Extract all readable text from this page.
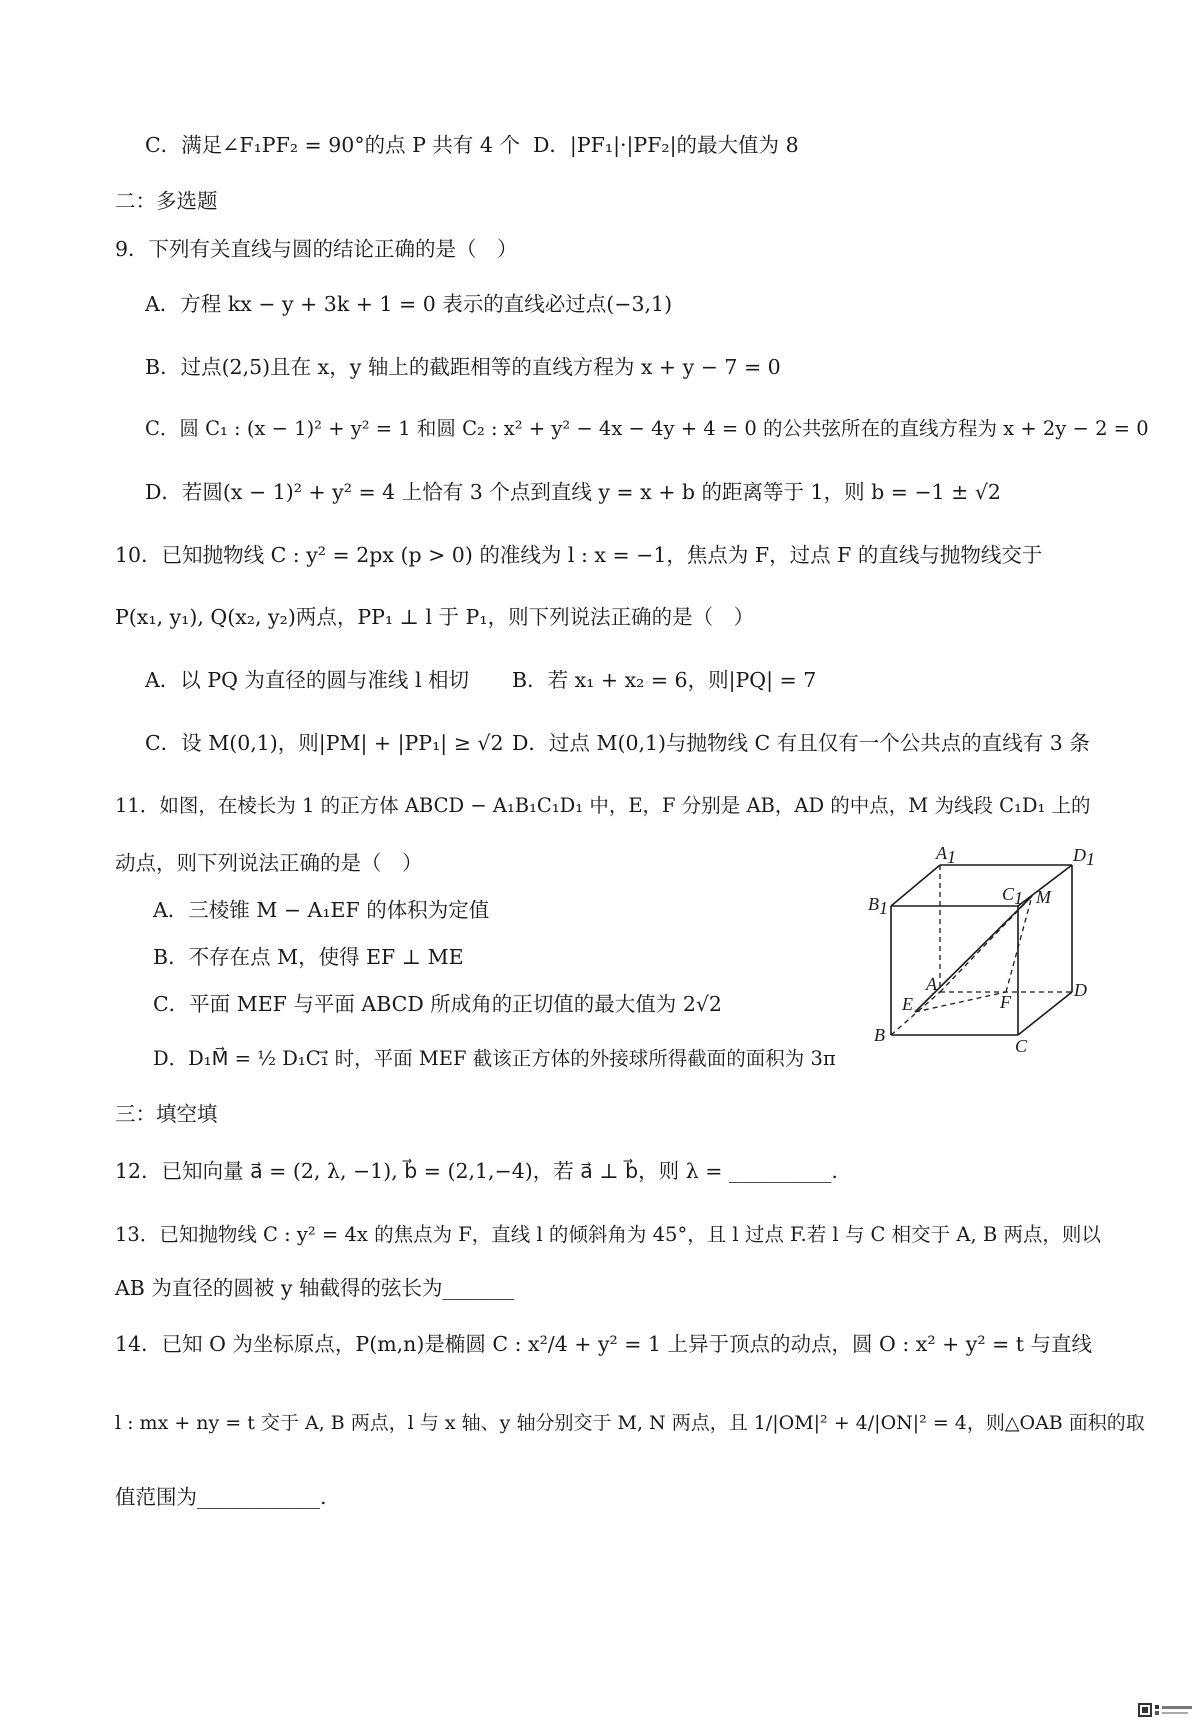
C．满足∠F₁PF₂ = 90°的点 P 共有 4 个 D．|PF₁|·|PF₂|的最大值为 8
二：多选题
9．下列有关直线与圆的结论正确的是（　）
A．方程 kx − y + 3k + 1 = 0 表示的直线必过点(−3,1)
B．过点(2,5)且在 x，y 轴上的截距相等的直线方程为 x + y − 7 = 0
C．圆 C₁ : (x − 1)² + y² = 1 和圆 C₂ : x² + y² − 4x − 4y + 4 = 0 的公共弦所在的直线方程为 x + 2y − 2 = 0
D．若圆(x − 1)² + y² = 4 上恰有 3 个点到直线 y = x + b 的距离等于 1，则 b = −1 ± √2
10．已知抛物线 C : y² = 2px (p > 0) 的准线为 l : x = −1，焦点为 F，过点 F 的直线与抛物线交于
P(x₁, y₁), Q(x₂, y₂)两点，PP₁ ⊥ l 于 P₁，则下列说法正确的是（　）
A．以 PQ 为直径的圆与准线 l 相切 B．若 x₁ + x₂ = 6，则|PQ| = 7
C．设 M(0,1)，则|PM| + |PP₁| ≥ √2 D．过点 M(0,1)与抛物线 C 有且仅有一个公共点的直线有 3 条
11．如图，在棱长为 1 的正方体 ABCD − A₁B₁C₁D₁ 中，E，F 分别是 AB，AD 的中点，M 为线段 C₁D₁ 上的
动点，则下列说法正确的是（　）
A．三棱锥 M − A₁EF 的体积为定值
B．不存在点 M，使得 EF ⊥ ME
C．平面 MEF 与平面 ABCD 所成角的正切值的最大值为 2√2
D．D₁M⃗ = ½ D₁C₁⃗ 时，平面 MEF 截该正方体的外接球所得截面的面积为 3π
A1	D1
B1
C1 M
A	D
E	F
B
C
三：填空填
12．已知向量 a⃗ = (2, λ, −1), b⃗ = (2,1,−4)，若 a⃗ ⊥ b⃗，则 λ = __________.
13．已知抛物线 C : y² = 4x 的焦点为 F，直线 l 的倾斜角为 45°，且 l 过点 F.若 l 与 C 相交于 A, B 两点，则以
AB 为直径的圆被 y 轴截得的弦长为_______
14．已知 O 为坐标原点，P(m,n)是椭圆 C : x²/4 + y² = 1 上异于顶点的动点，圆 O : x² + y² = t 与直线
l : mx + ny = t 交于 A, B 两点，l 与 x 轴、y 轴分别交于 M, N 两点，且 1/|OM|² + 4/|ON|² = 4，则△OAB 面积的取
值范围为____________.
